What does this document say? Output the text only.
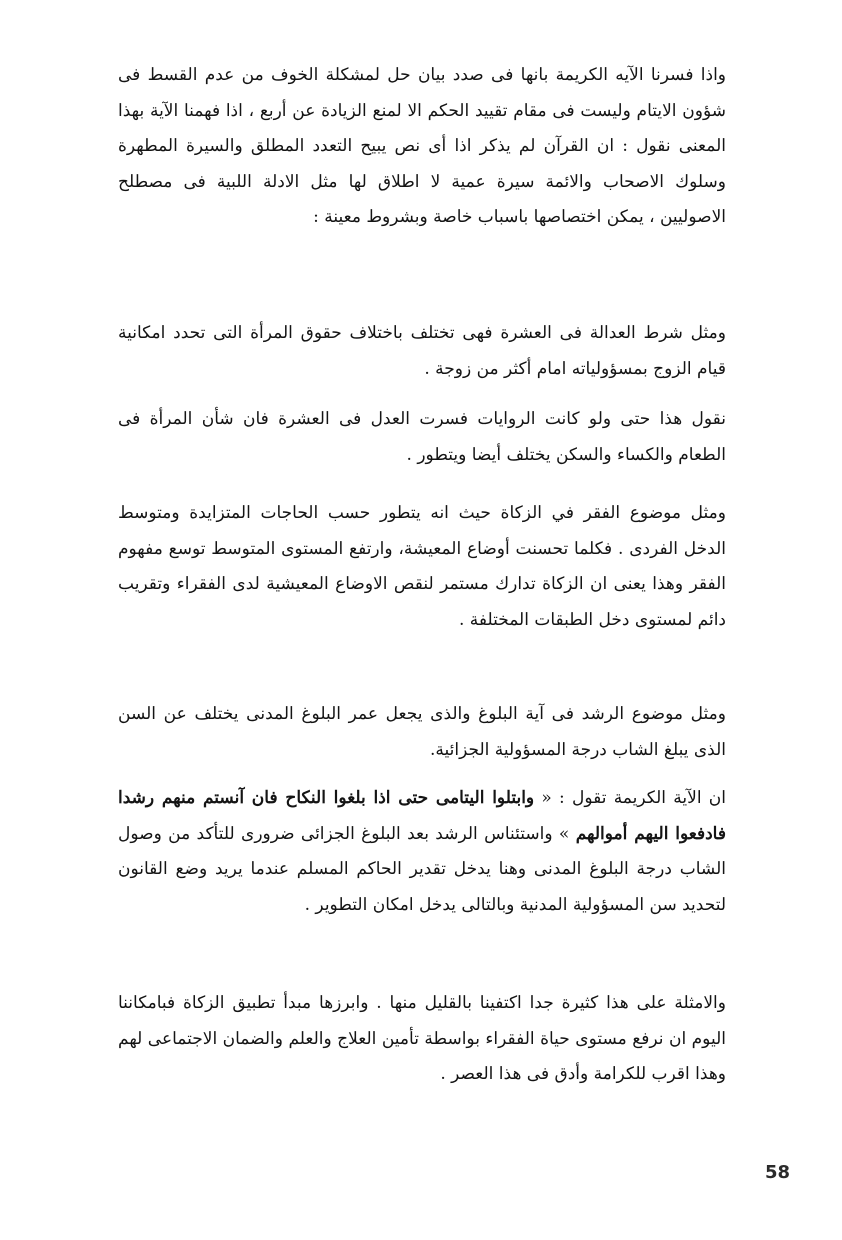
واذا فسرنا الآيه الكريمة بانها فى صدد بيان حل لمشكلة الخوف من عدم القسط فى شؤون الايتام وليست فى مقام تقييد الحكم الا لمنع الزيادة عن أربع ، اذا فهمنا الآية بهذا المعنى نقول : ان القرآن لم يذكر اذا أى نص يبيح التعدد المطلق والسيرة المطهرة وسلوك الاصحاب والائمة سيرة عمية لا اطلاق لها مثل الادلة اللبية فى مصطلح الاصوليين ، يمكن اختصاصها باسباب خاصة وبشروط معينة :

ومثل شرط العدالة فى العشرة فهى تختلف باختلاف حقوق المرأة التى تحدد امكانية قيام الزوج بمسؤولياته امام أكثر من زوجة .

نقول هذا حتى ولو كانت الروايات فسرت العدل فى العشرة فان شأن المرأة فى الطعام والكساء والسكن يختلف أيضا ويتطور .

ومثل موضوع الفقر في الزكاة حيث انه يتطور حسب الحاجات المتزايدة ومتوسط الدخل الفردى . فكلما تحسنت أوضاع المعيشة، وارتفع المستوى المتوسط توسع مفهوم الفقر وهذا يعنى ان الزكاة تدارك مستمر لنقص الاوضاع المعيشية لدى الفقراء وتقريب دائم لمستوى دخل الطبقات المختلفة .

ومثل موضوع الرشد فى آية البلوغ والذى يجعل عمر البلوغ المدنى يختلف عن السن الذى يبلغ الشاب درجة المسؤولية الجزائية.

ان الآية الكريمة تقول : « وابتلوا اليتامى حتى اذا بلغوا النكاح فان آنستم منهم رشدا فادفعوا اليهم أموالهم » واستئناس الرشد بعد البلوغ الجزائى ضرورى للتأكد من وصول الشاب درجة البلوغ المدنى وهنا يدخل تقدير الحاكم المسلم عندما يريد وضع القانون لتحديد سن المسؤولية المدنية وبالتالى يدخل امكان التطوير .

والامثلة على هذا كثيرة جدا اكتفينا بالقليل منها . وابرزها مبدأ تطبيق الزكاة فبامكاننا اليوم ان نرفع مستوى حياة الفقراء بواسطة تأمين العلاج والعلم والضمان الاجتماعى لهم وهذا اقرب للكرامة وأدق فى هذا العصر .

58
